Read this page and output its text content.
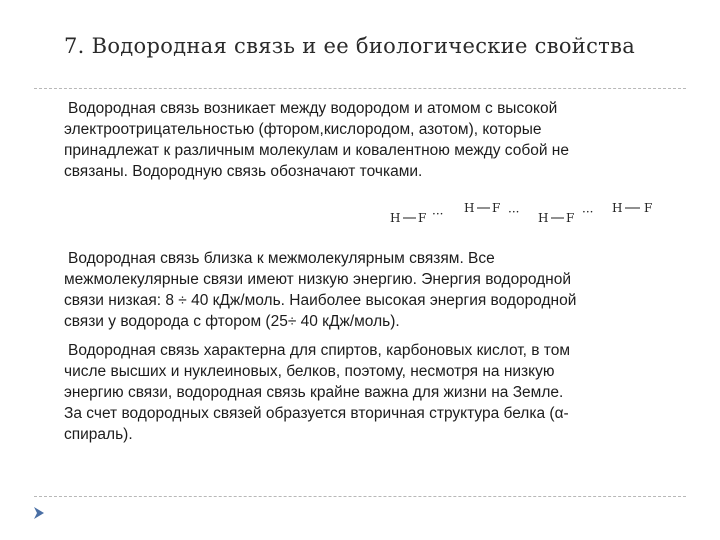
7. Водородная связь и ее биологические свойства
Водородная связь возникает между водородом и атомом с высокой
электроотрицательностью (фтором,кислородом, азотом), которые
принадлежат к различным молекулам и ковалентною между собой не
связаны. Водородную связь обозначают точками.
H F ··· H F ··· H F ··· H F
Водородная связь близка к межмолекулярным связям. Все
межмолекулярные связи имеют низкую энергию. Энергия водородной
связи низкая: 8 ÷ 40 кДж/моль. Наиболее высокая энергия водородной
связи у водорода с фтором (25÷ 40 кДж/моль).
Водородная связь характерна для спиртов, карбоновых кислот, в том
числе высших и нуклеиновых, белков, поэтому, несмотря на низкую
энергию связи, водородная связь крайне важна для жизни на Земле.
За счет водородных связей образуется вторичная структура белка (α-
спираль).
